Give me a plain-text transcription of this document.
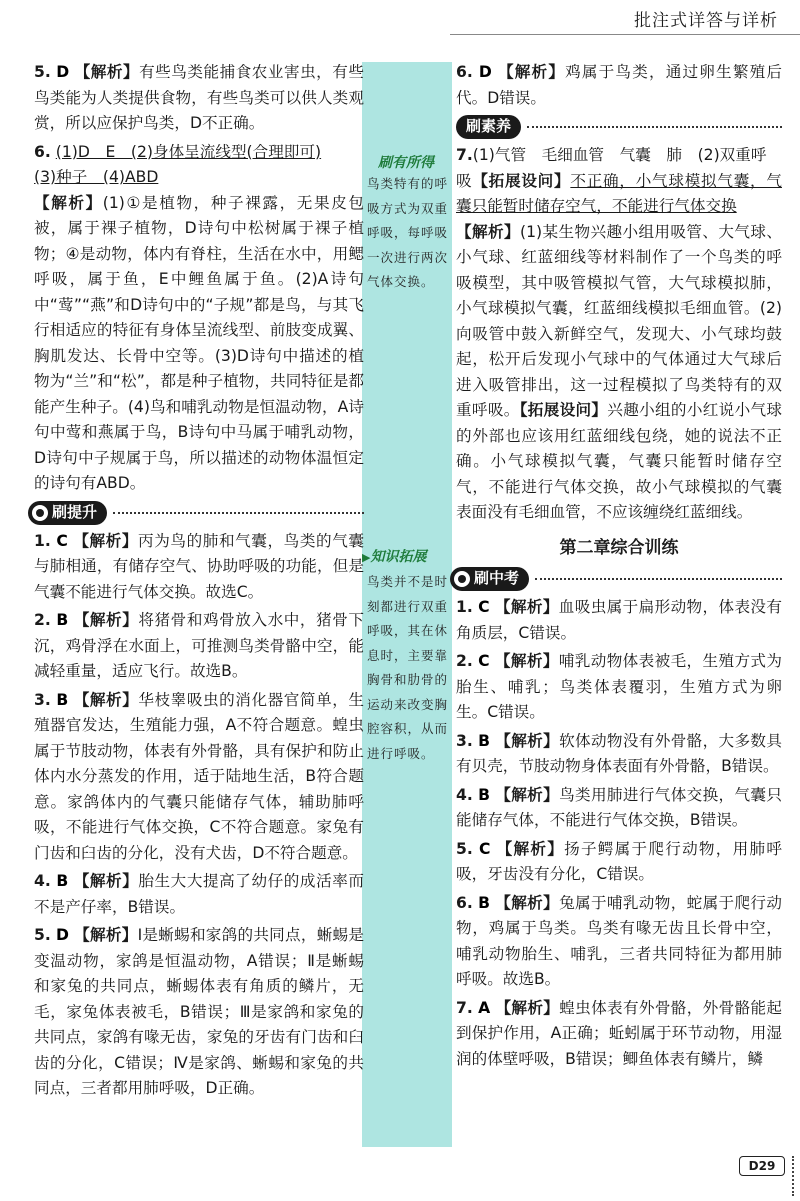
批注式详答与详析
刷有所得
鸟类特有的呼吸方式为双重呼吸，每呼吸一次进行两次气体交换。
▶知识拓展
鸟类并不是时刻都进行双重呼吸，其在休息时，主要靠胸骨和肋骨的运动来改变胸腔容积，从而进行呼吸。
5. D 【解析】有些鸟类能捕食农业害虫，有些鸟类能为人类提供食物，有些鸟类可以供人类观赏，所以应保护鸟类，D不正确。
6. (1)D　E　(2)身体呈流线型(合理即可)
(3)种子　(4)ABD
【解析】(1)①是植物，种子裸露，无果皮包被，属于裸子植物，D诗句中松树属于裸子植物；④是动物，体内有脊柱，生活在水中，用鳃呼吸，属于鱼，E中鲤鱼属于鱼。(2)A诗句中“莺”“燕”和D诗句中的“子规”都是鸟，与其飞行相适应的特征有身体呈流线型、前肢变成翼、胸肌发达、长骨中空等。(3)D诗句中描述的植物为“兰”和“松”，都是种子植物，共同特征是都能产生种子。(4)鸟和哺乳动物是恒温动物，A诗句中莺和燕属于鸟，B诗句中马属于哺乳动物，D诗句中子规属于鸟，所以描述的动物体温恒定的诗句有ABD。
刷提升
1. C 【解析】丙为鸟的肺和气囊，鸟类的气囊与肺相通，有储存空气、协助呼吸的功能，但是气囊不能进行气体交换。故选C。
2. B 【解析】将猪骨和鸡骨放入水中，猪骨下沉，鸡骨浮在水面上，可推测鸟类骨骼中空，能减轻重量，适应飞行。故选B。
3. B 【解析】华枝睾吸虫的消化器官简单，生殖器官发达，生殖能力强，A不符合题意。蝗虫属于节肢动物，体表有外骨骼，具有保护和防止体内水分蒸发的作用，适于陆地生活，B符合题意。家鸽体内的气囊只能储存气体，辅助肺呼吸，不能进行气体交换，C不符合题意。家兔有门齿和臼齿的分化，没有犬齿，D不符合题意。
4. B 【解析】胎生大大提高了幼仔的成活率而不是产仔率，B错误。
5. D 【解析】Ⅰ是蜥蜴和家鸽的共同点，蜥蜴是变温动物，家鸽是恒温动物，A错误；Ⅱ是蜥蜴和家兔的共同点，蜥蜴体表有角质的鳞片，无毛，家兔体表被毛，B错误；Ⅲ是家鸽和家兔的共同点，家鸽有喙无齿，家兔的牙齿有门齿和臼齿的分化，C错误；Ⅳ是家鸽、蜥蜴和家兔的共同点，三者都用肺呼吸，D正确。
6. D 【解析】鸡属于鸟类，通过卵生繁殖后代。D错误。
刷素养
7.(1)气管　毛细血管　气囊　肺　(2)双重呼
吸【拓展设问】不正确，小气球模拟气囊，气囊只能暂时储存空气，不能进行气体交换
【解析】(1)某生物兴趣小组用吸管、大气球、小气球、红蓝细线等材料制作了一个鸟类的呼吸模型，其中吸管模拟气管，大气球模拟肺，小气球模拟气囊，红蓝细线模拟毛细血管。(2)向吸管中鼓入新鲜空气，发现大、小气球均鼓起，松开后发现小气球中的气体通过大气球后进入吸管排出，这一过程模拟了鸟类特有的双重呼吸。【拓展设问】兴趣小组的小红说小气球的外部也应该用红蓝细线包绕，她的说法不正确。小气球模拟气囊，气囊只能暂时储存空气，不能进行气体交换，故小气球模拟的气囊表面没有毛细血管，不应该缠绕红蓝细线。
第二章综合训练
刷中考
1. C 【解析】血吸虫属于扁形动物，体表没有角质层，C错误。
2. C 【解析】哺乳动物体表被毛，生殖方式为胎生、哺乳；鸟类体表覆羽，生殖方式为卵生。C错误。
3. B 【解析】软体动物没有外骨骼，大多数具有贝壳，节肢动物身体表面有外骨骼，B错误。
4. B 【解析】鸟类用肺进行气体交换，气囊只能储存气体，不能进行气体交换，B错误。
5. C 【解析】扬子鳄属于爬行动物，用肺呼吸，牙齿没有分化，C错误。
6. B 【解析】兔属于哺乳动物，蛇属于爬行动物，鸡属于鸟类。鸟类有喙无齿且长骨中空，哺乳动物胎生、哺乳，三者共同特征为都用肺呼吸。故选B。
7. A 【解析】蝗虫体表有外骨骼，外骨骼能起到保护作用，A正确；蚯蚓属于环节动物，用湿润的体壁呼吸，B错误；鲫鱼体表有鳞片，鳞
D29
